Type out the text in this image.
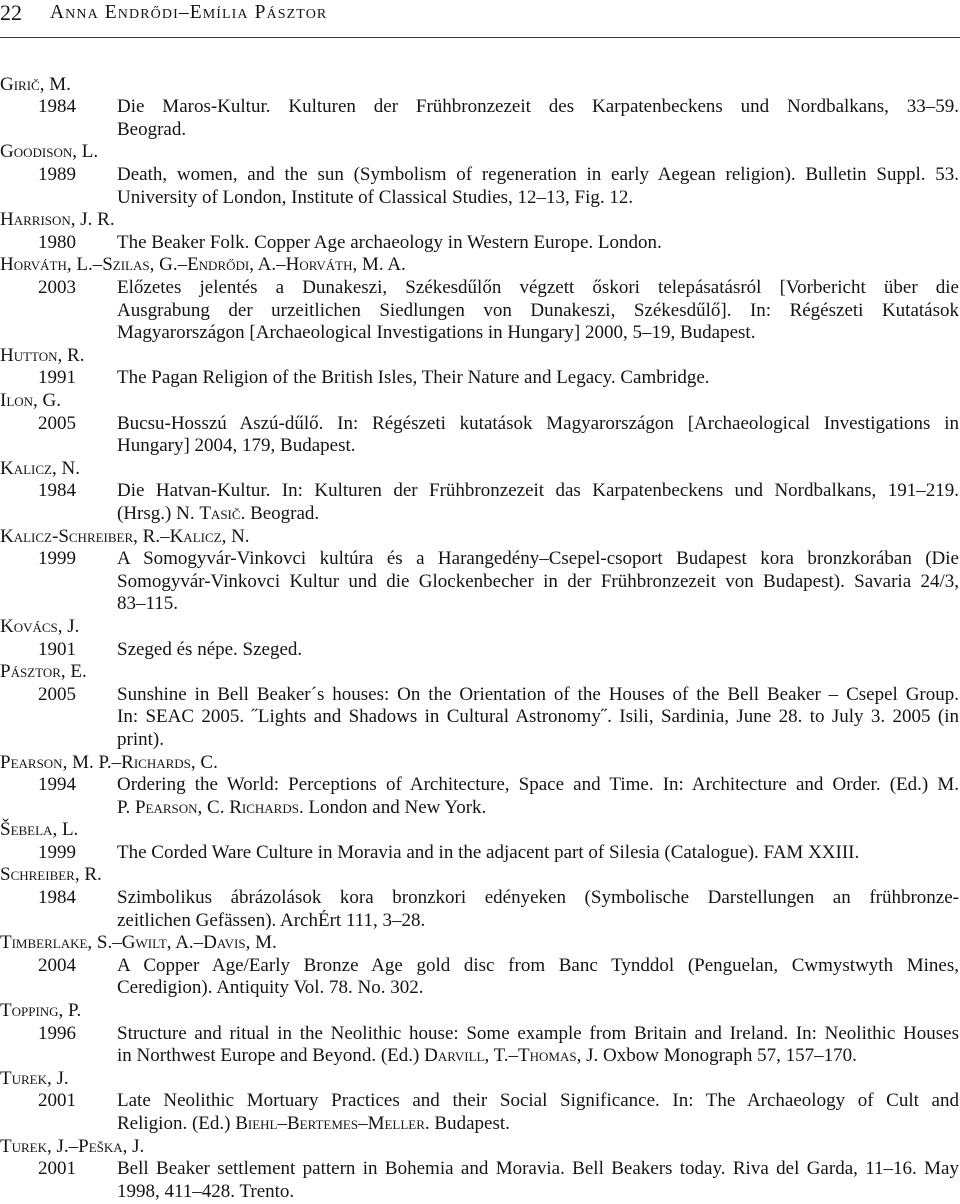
22 Anna Endrődi–Emília Pásztor
Girič, M.
1984 Die Maros-Kultur. Kulturen der Frühbronzezeit des Karpatenbeckens und Nordbalkans, 33–59.
Beograd.
Goodison, L.
1989 Death, women, and the sun (Symbolism of regeneration in early Aegean religion). Bulletin Suppl. 53.
University of London, Institute of Classical Studies, 12–13, Fig. 12.
Harrison, J. R.
1980 The Beaker Folk. Copper Age archaeology in Western Europe. London.
Horváth, L.–Szilas, G.–Endrődi, A.–Horváth, M. A.
2003 Előzetes jelentés a Dunakeszi, Székesdűlőn végzett őskori telepásatásról [Vorbericht über die
Ausgrabung der urzeitlichen Siedlungen von Dunakeszi, Székesdűlő]. In: Régészeti Kutatások
Magyarországon [Archaeological Investigations in Hungary] 2000, 5–19, Budapest.
Hutton, R.
1991 The Pagan Religion of the British Isles, Their Nature and Legacy. Cambridge.
Ilon, G.
2005 Bucsu-Hosszú Aszú-dűlő. In: Régészeti kutatások Magyarországon [Archaeological Investigations in
Hungary] 2004, 179, Budapest.
Kalicz, N.
1984 Die Hatvan-Kultur. In: Kulturen der Frühbronzezeit das Karpatenbeckens und Nordbalkans, 191–219.
(Hrsg.) N. Tasič. Beograd.
Kalicz-Schreiber, R.–Kalicz, N.
1999 A Somogyvár-Vinkovci kultúra és a Harangedény–Csepel-csoport Budapest kora bronzkorában (Die
Somogyvár-Vinkovci Kultur und die Glockenbecher in der Frühbronzezeit von Budapest). Savaria 24/3,
83–115.
Kovács, J.
1901 Szeged és népe. Szeged.
Pásztor, E.
2005 Sunshine in Bell Beaker´s houses: On the Orientation of the Houses of the Bell Beaker – Csepel Group.
In: SEAC 2005. ˝Lights and Shadows in Cultural Astronomy˝. Isili, Sardinia, June 28. to July 3. 2005 (in
print).
Pearson, M. P.–Richards, C.
1994 Ordering the World: Perceptions of Architecture, Space and Time. In: Architecture and Order. (Ed.) M.
P. Pearson, C. Richards. London and New York.
Šebela, L.
1999 The Corded Ware Culture in Moravia and in the adjacent part of Silesia (Catalogue). FAM XXIII.
Schreiber, R.
1984 Szimbolikus ábrázolások kora bronzkori edényeken (Symbolische Darstellungen an frühbronze-
zeitlichen Gefässen). ArchÉrt 111, 3–28.
Timberlake, S.–Gwilt, A.–Davis, M.
2004 A Copper Age/Early Bronze Age gold disc from Banc Tynddol (Penguelan, Cwmystwyth Mines,
Ceredigion). Antiquity Vol. 78. No. 302.
Topping, P.
1996 Structure and ritual in the Neolithic house: Some example from Britain and Ireland. In: Neolithic Houses
in Northwest Europe and Beyond. (Ed.) Darvill, T.–Thomas, J. Oxbow Monograph 57, 157–170.
Turek, J.
2001 Late Neolithic Mortuary Practices and their Social Significance. In: The Archaeology of Cult and
Religion. (Ed.) Biehl–Bertemes–Meller. Budapest.
Turek, J.–Peška, J.
2001 Bell Beaker settlement pattern in Bohemia and Moravia. Bell Beakers today. Riva del Garda, 11–16. May
1998, 411–428. Trento.
